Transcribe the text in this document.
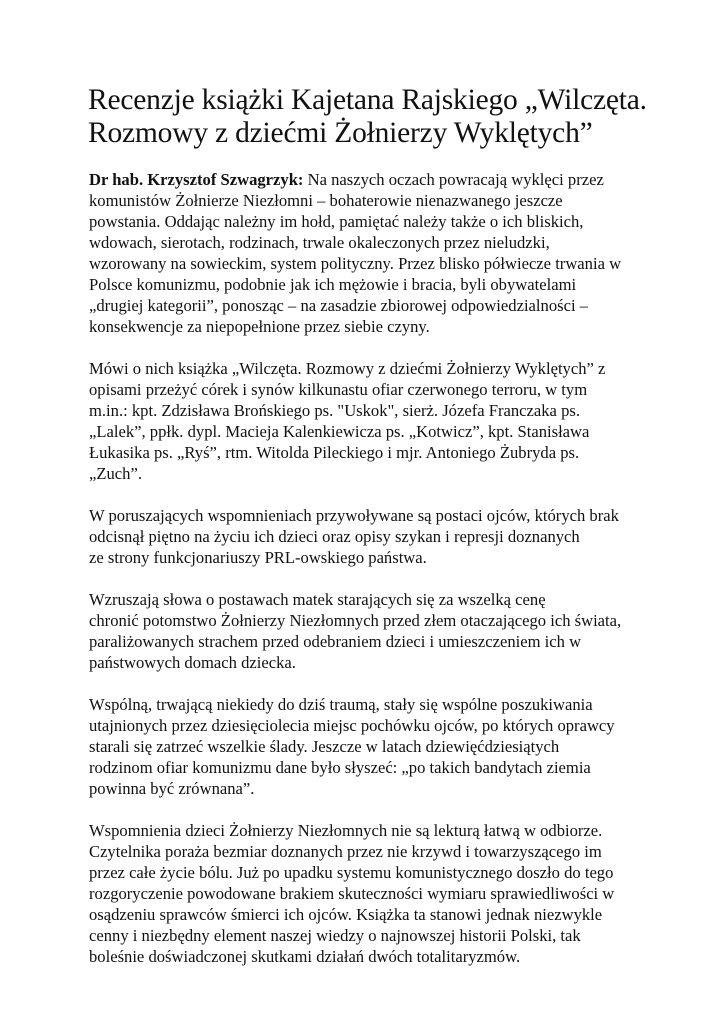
Recenzje książki Kajetana Rajskiego „Wilczęta.
Rozmowy z dziećmi Żołnierzy Wyklętych”

Dr hab. Krzysztof Szwagrzyk: Na naszych oczach powracają wyklęci przez
komunistów Żołnierze Niezłomni – bohaterowie nienazwanego jeszcze
powstania. Oddając należny im hołd, pamiętać należy także o ich bliskich,
wdowach, sierotach, rodzinach, trwale okaleczonych przez nieludzki,
wzorowany na sowieckim, system polityczny. Przez blisko półwiecze trwania w
Polsce komunizmu, podobnie jak ich mężowie i bracia, byli obywatelami
„drugiej kategorii”, ponosząc – na zasadzie zbiorowej odpowiedzialności –
konsekwencje za niepopełnione przez siebie czyny.

Mówi o nich książka „Wilczęta. Rozmowy z dziećmi Żołnierzy Wyklętych” z
opisami przeżyć córek i synów kilkunastu ofiar czerwonego terroru, w tym
m.in.: kpt. Zdzisława Brońskiego ps. "Uskok", sierż. Józefa Franczaka ps.
„Lalek”, ppłk. dypl. Macieja Kalenkiewicza ps. „Kotwicz”, kpt. Stanisława
Łukasika ps. „Ryś”, rtm. Witolda Pileckiego i mjr. Antoniego Żubryda ps.
„Zuch”.

W poruszających wspomnieniach przywoływane są postaci ojców, których brak
odcisnął piętno na życiu ich dzieci oraz opisy szykan i represji doznanych
ze strony funkcjonariuszy PRL-owskiego państwa.

Wzruszają słowa o postawach matek starających się za wszelką cenę
chronić potomstwo Żołnierzy Niezłomnych przed złem otaczającego ich świata,
paraliżowanych strachem przed odebraniem dzieci i umieszczeniem ich w
państwowych domach dziecka.

Wspólną, trwającą niekiedy do dziś traumą, stały się wspólne poszukiwania
utajnionych przez dziesięciolecia miejsc pochówku ojców, po których oprawcy
starali się zatrzeć wszelkie ślady. Jeszcze w latach dziewięćdziesiątych
rodzinom ofiar komunizmu dane było słyszeć: „po takich bandytach ziemia
powinna być zrównana”.

Wspomnienia dzieci Żołnierzy Niezłomnych nie są lekturą łatwą w odbiorze.
Czytelnika poraża bezmiar doznanych przez nie krzywd i towarzyszącego im
przez całe życie bólu. Już po upadku systemu komunistycznego doszło do tego
rozgoryczenie powodowane brakiem skuteczności wymiaru sprawiedliwości w
osądzeniu sprawców śmierci ich ojców. Książka ta stanowi jednak niezwykle
cenny i niezbędny element naszej wiedzy o najnowszej historii Polski, tak
boleśnie doświadczonej skutkami działań dwóch totalitaryzmów.
